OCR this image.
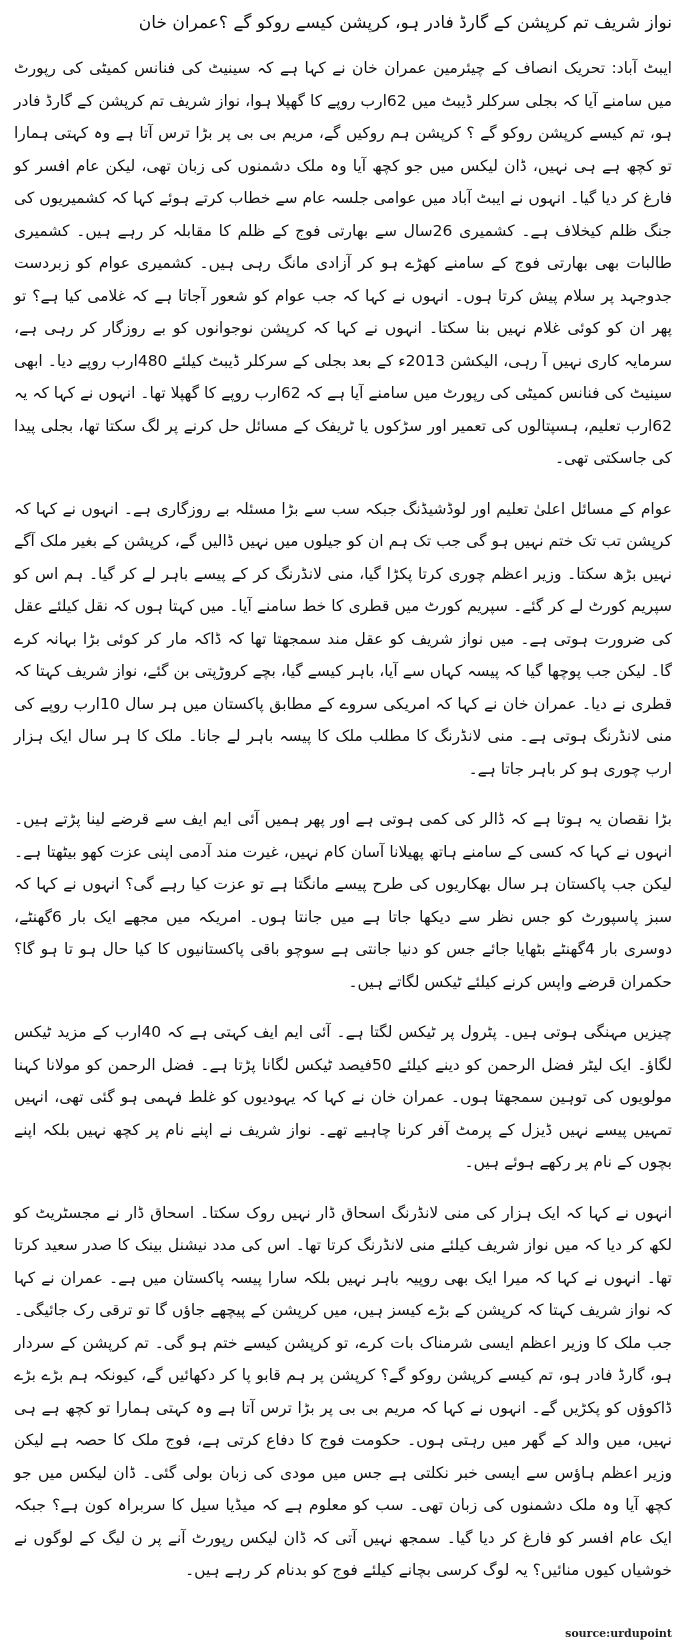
نواز شریف تم کرپشن کے گارڈ فادر ہو، کرپشن کیسے روکو گے ؟عمران خان

ایبٹ آباد: تحریک انصاف کے چیئرمین عمران خان نے کہا ہے کہ سینیٹ کی فنانس کمیٹی کی رپورٹ میں سامنے آیا کہ بجلی سرکلر ڈیبٹ میں 62ارب روپے کا گھپلا ہوا، نواز شریف تم کرپشن کے گارڈ فادر ہو، تم کیسے کرپشن روکو گے ؟ کرپشن ہم روکیں گے، مریم بی بی پر بڑا ترس آتا ہے وہ کہتی ہمارا تو کچھ ہے ہی نہیں، ڈان لیکس میں جو کچھ آیا وہ ملک دشمنوں کی زبان تھی، لیکن عام افسر کو فارغ کر دیا گیا۔ انہوں نے ایبٹ آباد میں عوامی جلسہ عام سے خطاب کرتے ہوئے کہا کہ کشمیریوں کی جنگ ظلم کیخلاف ہے۔ کشمیری 26سال سے بھارتی فوج کے ظلم کا مقابلہ کر رہے ہیں۔ کشمیری طالبات بھی بھارتی فوج کے سامنے کھڑے ہو کر آزادی مانگ رہی ہیں۔ کشمیری عوام کو زبردست جدوجہد پر سلام پیش کرتا ہوں۔ انہوں نے کہا کہ جب عوام کو شعور آجاتا ہے کہ غلامی کیا ہے؟ تو پھر ان کو کوئی غلام نہیں بنا سکتا۔ انہوں نے کہا کہ کرپشن نوجوانوں کو بے روزگار کر رہی ہے، سرمایہ کاری نہیں آ رہی، الیکشن 2013ء کے بعد بجلی کے سرکلر ڈیبٹ کیلئے 480ارب روپے دیا۔ ابھی سینیٹ کی فنانس کمیٹی کی رپورٹ میں سامنے آیا ہے کہ 62ارب روپے کا گھپلا تھا۔ انہوں نے کہا کہ یہ 62ارب تعلیم، ہسپتالوں کی تعمیر اور سڑکوں یا ٹریفک کے مسائل حل کرنے پر لگ سکتا تھا، بجلی پیدا کی جاسکتی تھی۔

عوام کے مسائل اعلیٰ تعلیم اور لوڈشیڈنگ جبکہ سب سے بڑا مسئلہ بے روزگاری ہے۔ انہوں نے کہا کہ کرپشن تب تک ختم نہیں ہو گی جب تک ہم ان کو جیلوں میں نہیں ڈالیں گے، کرپشن کے بغیر ملک آگے نہیں بڑھ سکتا۔ وزیر اعظم چوری کرتا پکڑا گیا، منی لانڈرنگ کر کے پیسے باہر لے کر گیا۔ ہم اس کو سپریم کورٹ لے کر گئے۔ سپریم کورٹ میں قطری کا خط سامنے آیا۔ میں کہتا ہوں کہ نقل کیلئے عقل کی ضرورت ہوتی ہے۔ میں نواز شریف کو عقل مند سمجھتا تھا کہ ڈاکہ مار کر کوئی بڑا بہانہ کرے گا۔ لیکن جب پوچھا گیا کہ پیسہ کہاں سے آیا، باہر کیسے گیا، بچے کروڑپتی بن گئے، نواز شریف کہتا کہ قطری نے دیا۔ عمران خان نے کہا کہ امریکی سروے کے مطابق پاکستان میں ہر سال 10ارب روپے کی منی لانڈرنگ ہوتی ہے۔ منی لانڈرنگ کا مطلب ملک کا پیسہ باہر لے جانا۔ ملک کا ہر سال ایک ہزار ارب چوری ہو کر باہر جاتا ہے۔

بڑا نقصان یہ ہوتا ہے کہ ڈالر کی کمی ہوتی ہے اور پھر ہمیں آئی ایم ایف سے قرضے لینا پڑتے ہیں۔ انہوں نے کہا کہ کسی کے سامنے ہاتھ پھیلانا آسان کام نہیں، غیرت مند آدمی اپنی عزت کھو بیٹھتا ہے۔ لیکن جب پاکستان ہر سال بھکاریوں کی طرح پیسے مانگتا ہے تو عزت کیا رہے گی؟ انہوں نے کہا کہ سبز پاسپورٹ کو جس نظر سے دیکھا جاتا ہے میں جانتا ہوں۔ امریکہ میں مجھے ایک بار 6گھنٹے، دوسری بار 4گھنٹے بٹھایا جائے جس کو دنیا جانتی ہے سوچو باقی پاکستانیوں کا کیا حال ہو تا ہو گا؟ حکمران قرضے واپس کرنے کیلئے ٹیکس لگاتے ہیں۔

چیزیں مہنگی ہوتی ہیں۔ پٹرول پر ٹیکس لگتا ہے۔ آئی ایم ایف کہتی ہے کہ 40ارب کے مزید ٹیکس لگاؤ۔ ایک لیٹر فضل الرحمن کو دینے کیلئے 50فیصد ٹیکس لگانا پڑتا ہے۔ فضل الرحمن کو مولانا کہنا مولویوں کی توہین سمجھتا ہوں۔ عمران خان نے کہا کہ یہودیوں کو غلط فہمی ہو گئی تھی، انہیں تمہیں پیسے نہیں ڈیزل کے پرمٹ آفر کرنا چاہیے تھے۔ نواز شریف نے اپنے نام پر کچھ نہیں بلکہ اپنے بچوں کے نام پر رکھے ہوئے ہیں۔

انہوں نے کہا کہ ایک ہزار کی منی لانڈرنگ اسحاق ڈار نہیں روک سکتا۔ اسحاق ڈار نے مجسٹریٹ کو لکھ کر دیا کہ میں نواز شریف کیلئے منی لانڈرنگ کرتا تھا۔ اس کی مدد نیشنل بینک کا صدر سعید کرتا تھا۔ انہوں نے کہا کہ میرا ایک بھی روپیہ باہر نہیں بلکہ سارا پیسہ پاکستان میں ہے۔ عمران نے کہا کہ نواز شریف کہتا کہ کرپشن کے بڑے کیسز ہیں، میں کرپشن کے پیچھے جاؤں گا تو ترقی رک جائیگی۔ جب ملک کا وزیر اعظم ایسی شرمناک بات کرے، تو کرپشن کیسے ختم ہو گی۔ تم کرپشن کے سردار ہو، گارڈ فادر ہو، تم کیسے کرپشن روکو گے؟ کرپشن پر ہم قابو پا کر دکھائیں گے، کیونکہ ہم بڑے بڑے ڈاکوؤں کو پکڑیں گے۔ انہوں نے کہا کہ مریم بی بی پر بڑا ترس آتا ہے وہ کہتی ہمارا تو کچھ ہے ہی نہیں، میں والد کے گھر میں رہتی ہوں۔ حکومت فوج کا دفاع کرتی ہے، فوج ملک کا حصہ ہے لیکن وزیر اعظم ہاؤس سے ایسی خبر نکلتی ہے جس میں مودی کی زبان بولی گئی۔ ڈان لیکس میں جو کچھ آیا وہ ملک دشمنوں کی زبان تھی۔ سب کو معلوم ہے کہ میڈیا سیل کا سربراہ کون ہے؟ جبکہ ایک عام افسر کو فارغ کر دیا گیا۔ سمجھ نہیں آتی کہ ڈان لیکس رپورٹ آنے پر ن لیگ کے لوگوں نے خوشیاں کیوں منائیں؟ یہ لوگ کرسی بچانے کیلئے فوج کو بدنام کر رہے ہیں۔

source:urdupoint
